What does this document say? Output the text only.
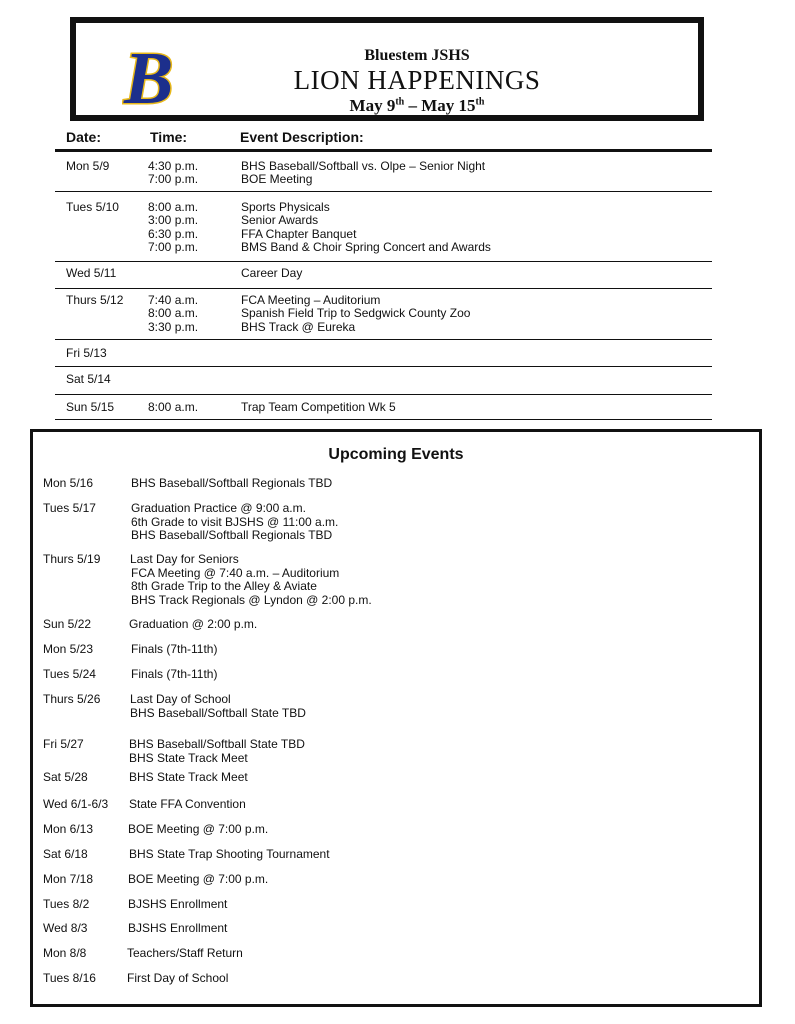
B	Bluestem JSHS
LION HAPPENINGS
May 9th – May 15th
Date:	Time:	Event Description:
Mon 5/9	4:30 p.m.	BHS Baseball/Softball vs. Olpe – Senior Night
7:00 p.m.	BOE Meeting
Tues 5/10 8:00 a.m.	Sports Physicals
3:00 p.m.	Senior Awards
6:30 p.m.	FFA Chapter Banquet
7:00 p.m.	BMS Band & Choir Spring Concert and Awards
Wed 5/11	Career Day
Thurs 5/12 7:40 a.m.	FCA Meeting – Auditorium
8:00 a.m.	Spanish Field Trip to Sedgwick County Zoo
3:30 p.m.	BHS Track @ Eureka
Fri 5/13
Sat 5/14
Sun 5/15	8:00 a.m.	Trap Team Competition Wk 5
Upcoming Events
Mon 5/16	BHS Baseball/Softball Regionals TBD
Tues 5/17	Graduation Practice @ 9:00 a.m.
6th Grade to visit BJSHS @ 11:00 a.m.
BHS Baseball/Softball Regionals TBD
Thurs 5/19 Last Day for Seniors
FCA Meeting @ 7:40 a.m. – Auditorium
8th Grade Trip to the Alley & Aviate
BHS Track Regionals @ Lyndon @ 2:00 p.m.
Sun 5/22	Graduation @ 2:00 p.m.
Mon 5/23	Finals (7th-11th)
Tues 5/24	Finals (7th-11th)
Thurs 5/26 Last Day of School
BHS Baseball/Softball State TBD
Fri 5/27	BHS Baseball/Softball State TBD
BHS State Track Meet
Sat 5/28	BHS State Track Meet
Wed 6/1-6/3 State FFA Convention
Mon 6/13	BOE Meeting @ 7:00 p.m.
Sat 6/18	BHS State Trap Shooting Tournament
Mon 7/18	BOE Meeting @ 7:00 p.m.
Tues 8/2	BJSHS Enrollment
Wed 8/3	BJSHS Enrollment
Mon 8/8	Teachers/Staff Return
Tues 8/16	First Day of School
